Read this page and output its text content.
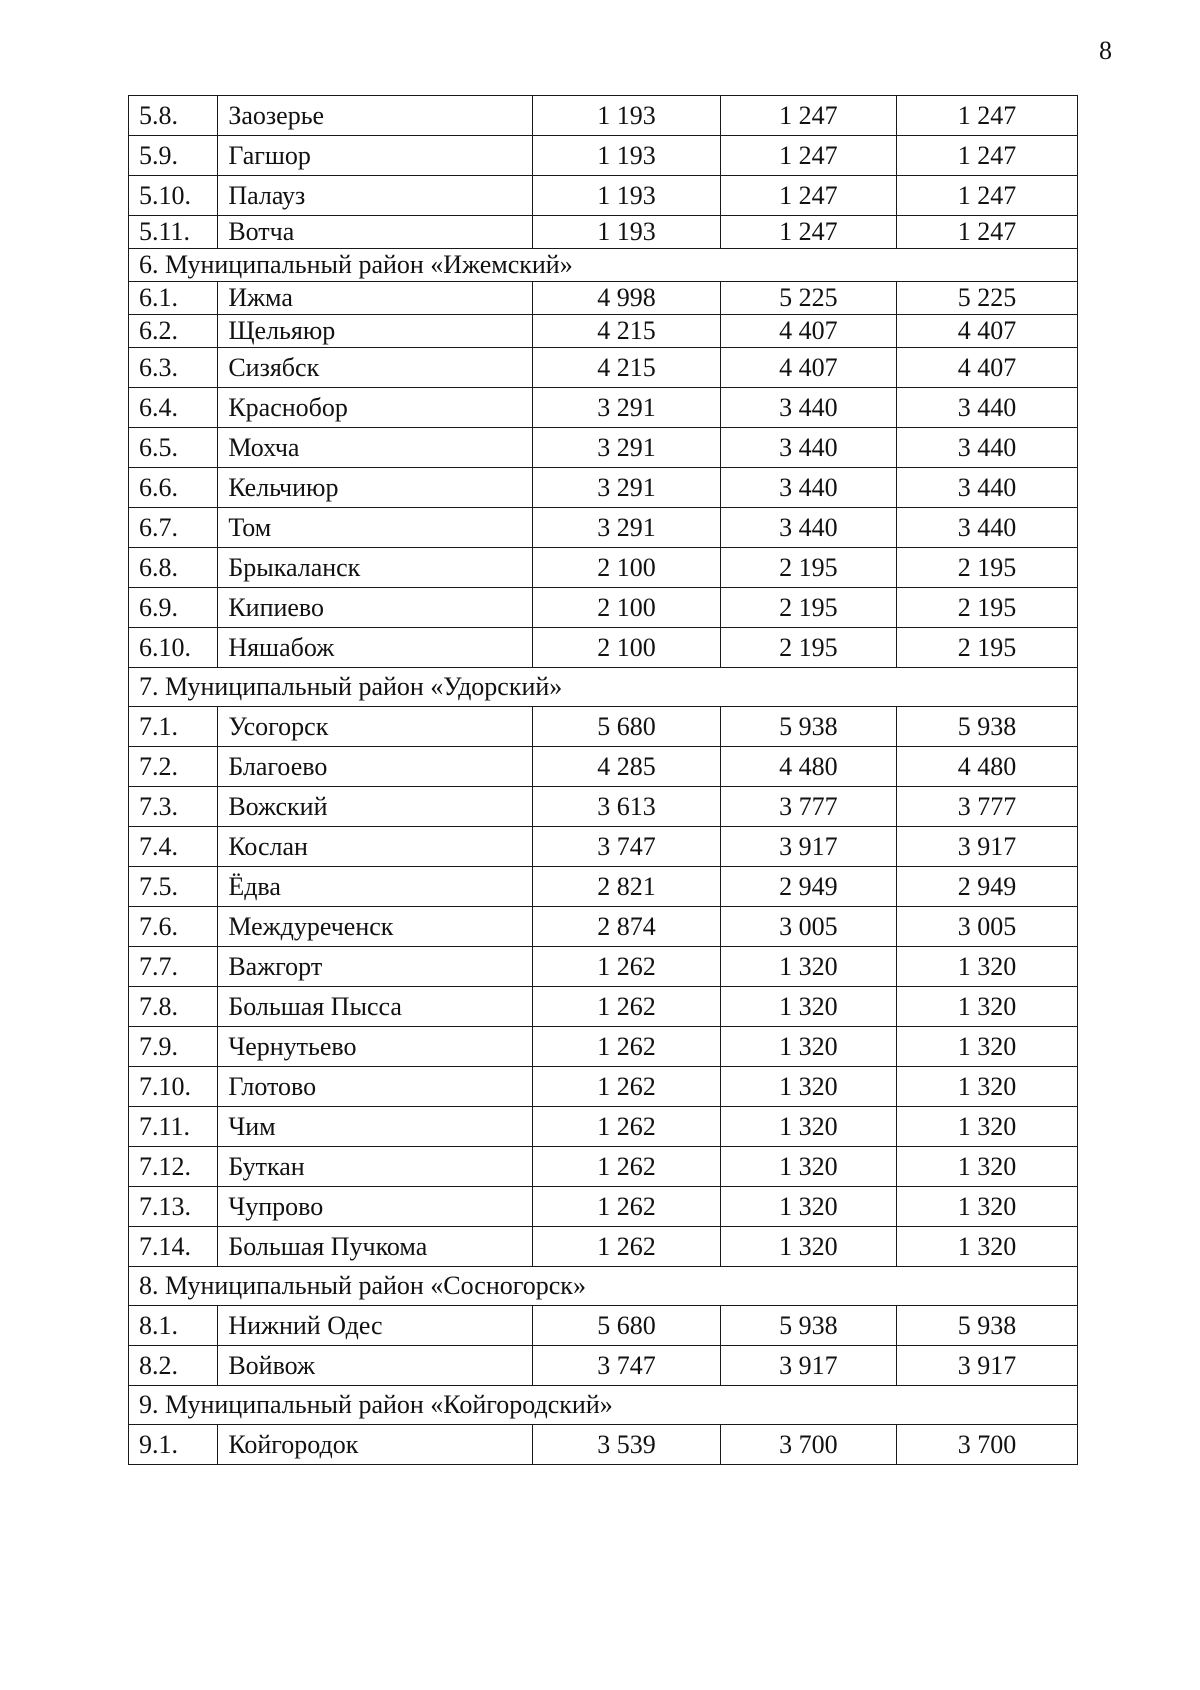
8
5.8.	Заозерье	1 193	1 247	1 247
5.9.	Гагшор	1 193	1 247	1 247
5.10.	Палауз	1 193	1 247	1 247
5.11.	Вотча	1 193	1 247	1 247
6. Муниципальный район «Ижемский»				
6.1.	Ижма	4 998	5 225	5 225
6.2.	Щельяюр	4 215	4 407	4 407
6.3.	Сизябск	4 215	4 407	4 407
6.4.	Краснобор	3 291	3 440	3 440
6.5.	Мохча	3 291	3 440	3 440
6.6.	Кельчиюр	3 291	3 440	3 440
6.7.	Том	3 291	3 440	3 440
6.8.	Брыкаланск	2 100	2 195	2 195
6.9.	Кипиево	2 100	2 195	2 195
6.10.	Няшабож	2 100	2 195	2 195
7. Муниципальный район «Удорский»				
7.1.	Усогорск	5 680	5 938	5 938
7.2.	Благоево	4 285	4 480	4 480
7.3.	Вожский	3 613	3 777	3 777
7.4.	Кослан	3 747	3 917	3 917
7.5.	Ёдва	2 821	2 949	2 949
7.6.	Междуреченск	2 874	3 005	3 005
7.7.	Важгорт	1 262	1 320	1 320
7.8.	Большая Пысса	1 262	1 320	1 320
7.9.	Чернутьево	1 262	1 320	1 320
7.10.	Глотово	1 262	1 320	1 320
7.11.	Чим	1 262	1 320	1 320
7.12.	Буткан	1 262	1 320	1 320
7.13.	Чупрово	1 262	1 320	1 320
7.14.	Большая Пучкома	1 262	1 320	1 320
8. Муниципальный район «Сосногорск»				
8.1.	Нижний Одес	5 680	5 938	5 938
8.2.	Войвож	3 747	3 917	3 917
9. Муниципальный район «Койгородский»				
9.1.	Койгородок	3 539	3 700	3 700
